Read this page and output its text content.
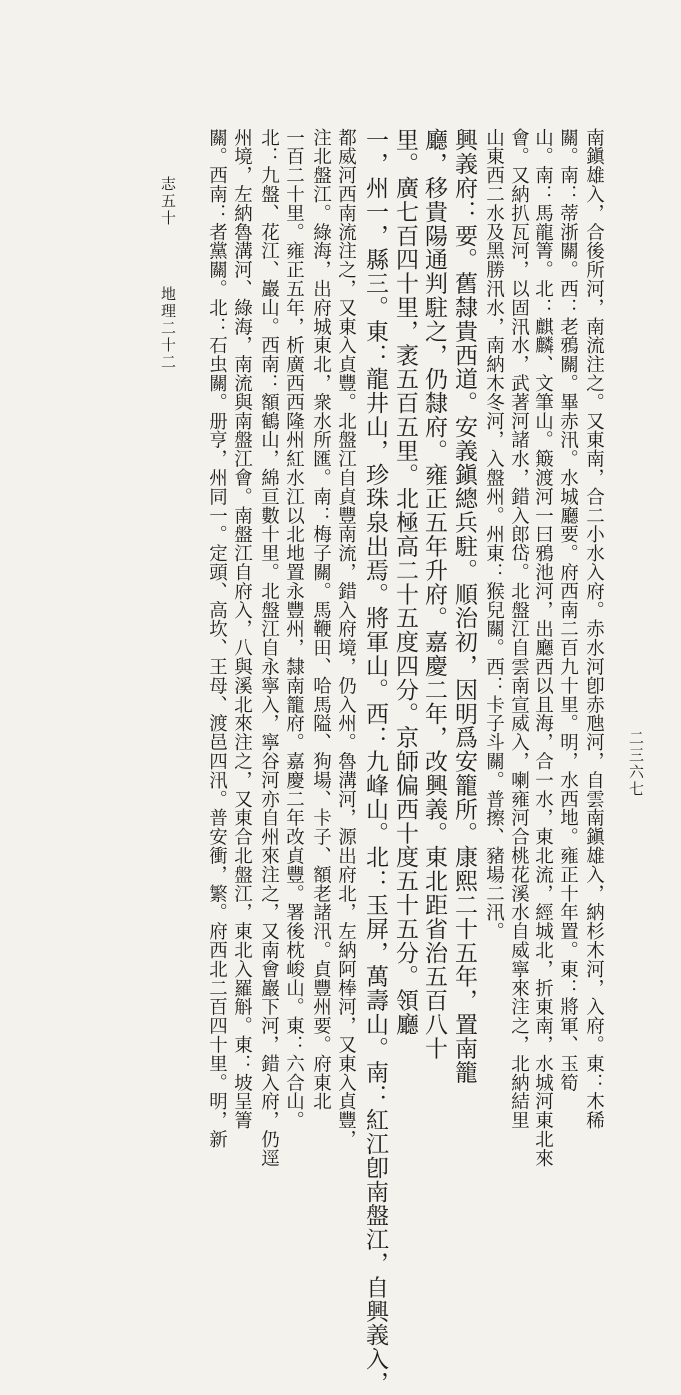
南鎭雄入，合後所河，南流注之。又東南，合二小水入府。赤水河卽赤虺河，自雲南鎭雄入，納杉木河，入府。東：木稀
關。南：蒂浙關。西：老鴉關。畢赤汛。水城廳要。府西南二百九十里。明，水西地。雍正十年置。東：將軍、玉筍
山。南：馬龍箐。北：麒麟、文筆山。簸渡河一曰鴉池河，出廳西以且海，合一水，東北流，經城北，折東南，水城河東北來
會。又納扒瓦河，以固汛水，武著河諸水，錯入郎岱。北盤江自雲南宣威入，喇雍河合桃花溪水自威寧來注之，北納結里
山東西二水及黑勝汛水，南納木冬河，入盤州。州東：猴兒關。西：卡子斗關。普擦、豬場二汛。
興義府：要。舊隸貴西道。安義鎭總兵駐。順治初，因明爲安籠所。康熙二十五年，置南籠
廳，移貴陽通判駐之，仍隸府。雍正五年升府。嘉慶二年，改興義。東北距省治五百八十
里。廣七百四十里，袤五百五里。北極高二十五度四分。京師偏西十度五十五分。領廳
一，州一，縣三。東：龍井山，珍珠泉出焉。將軍山。西：九峰山。北：玉屏，萬壽山。南：紅江卽南盤江，自興義入，
都威河西南流注之，又東入貞豐。北盤江自貞豐南流，錯入府境，仍入州。魯溝河，源出府北，左納阿棒河，又東入貞豐，
注北盤江。綠海，出府城東北，衆水所匯。南：梅子關。馬鞭田、哈馬隘、狗場、卡子、額老諸汛。貞豐州要。府東北
一百二十里。雍正五年，析廣西西隆州紅水江以北地置永豐州，隸南籠府。嘉慶二年改貞豐。署後枕峻山。東：六合山。
北：九盤、花江、巖山。西南：額鶴山，綿亘數十里。北盤江自永寧入，寧谷河亦自州來注之，又南會巖下河，錯入府，仍逕
州境，左納魯溝河、綠海，南流與南盤江會。南盤江自府入，八與溪北來注之，又東合北盤江，東北入羅斛。東：坡呈箐
關。西南：者黨關。北：石虫關。册亨，州同一。定頭、高坎、王母、渡邑四汛。普安衝，繁。府西北二百四十里。明，新
志五十
地理二十二
二三六七
